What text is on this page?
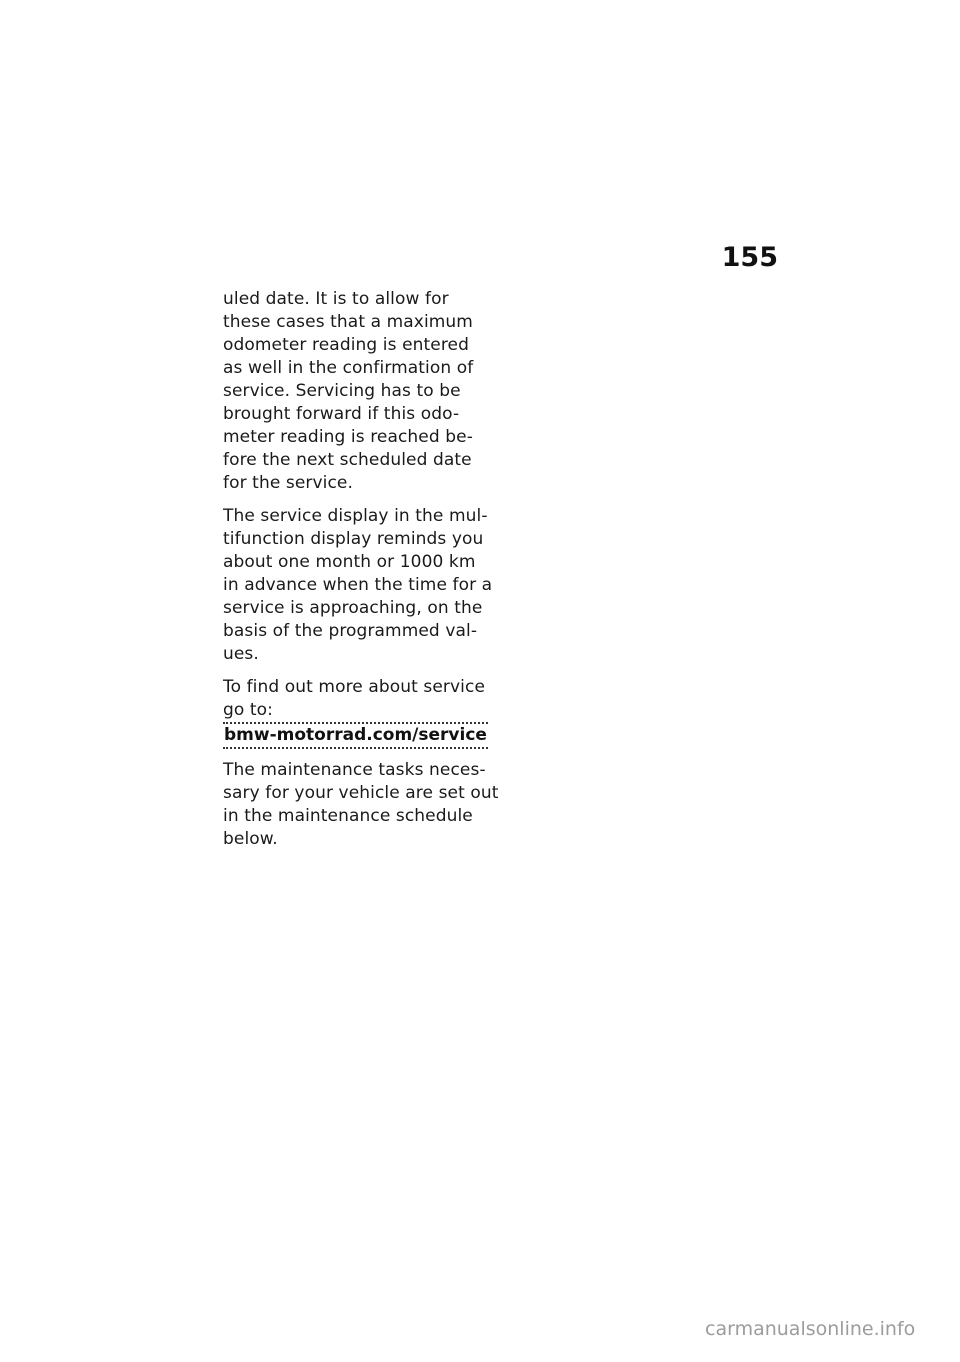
155
uled date. It is to allow for
these cases that a maximum
odometer reading is entered
as well in the confirmation of
service. Servicing has to be
brought forward if this odo-
meter reading is reached be-
fore the next scheduled date
for the service.
The service display in the mul-
tifunction display reminds you
about one month or 1000 km
in advance when the time for a
service is approaching, on the
basis of the programmed val-
ues.
To find out more about service
go to:
bmw-motorrad.com/service
The maintenance tasks neces-
sary for your vehicle are set out
in the maintenance schedule
below.
carmanualsonline.info
